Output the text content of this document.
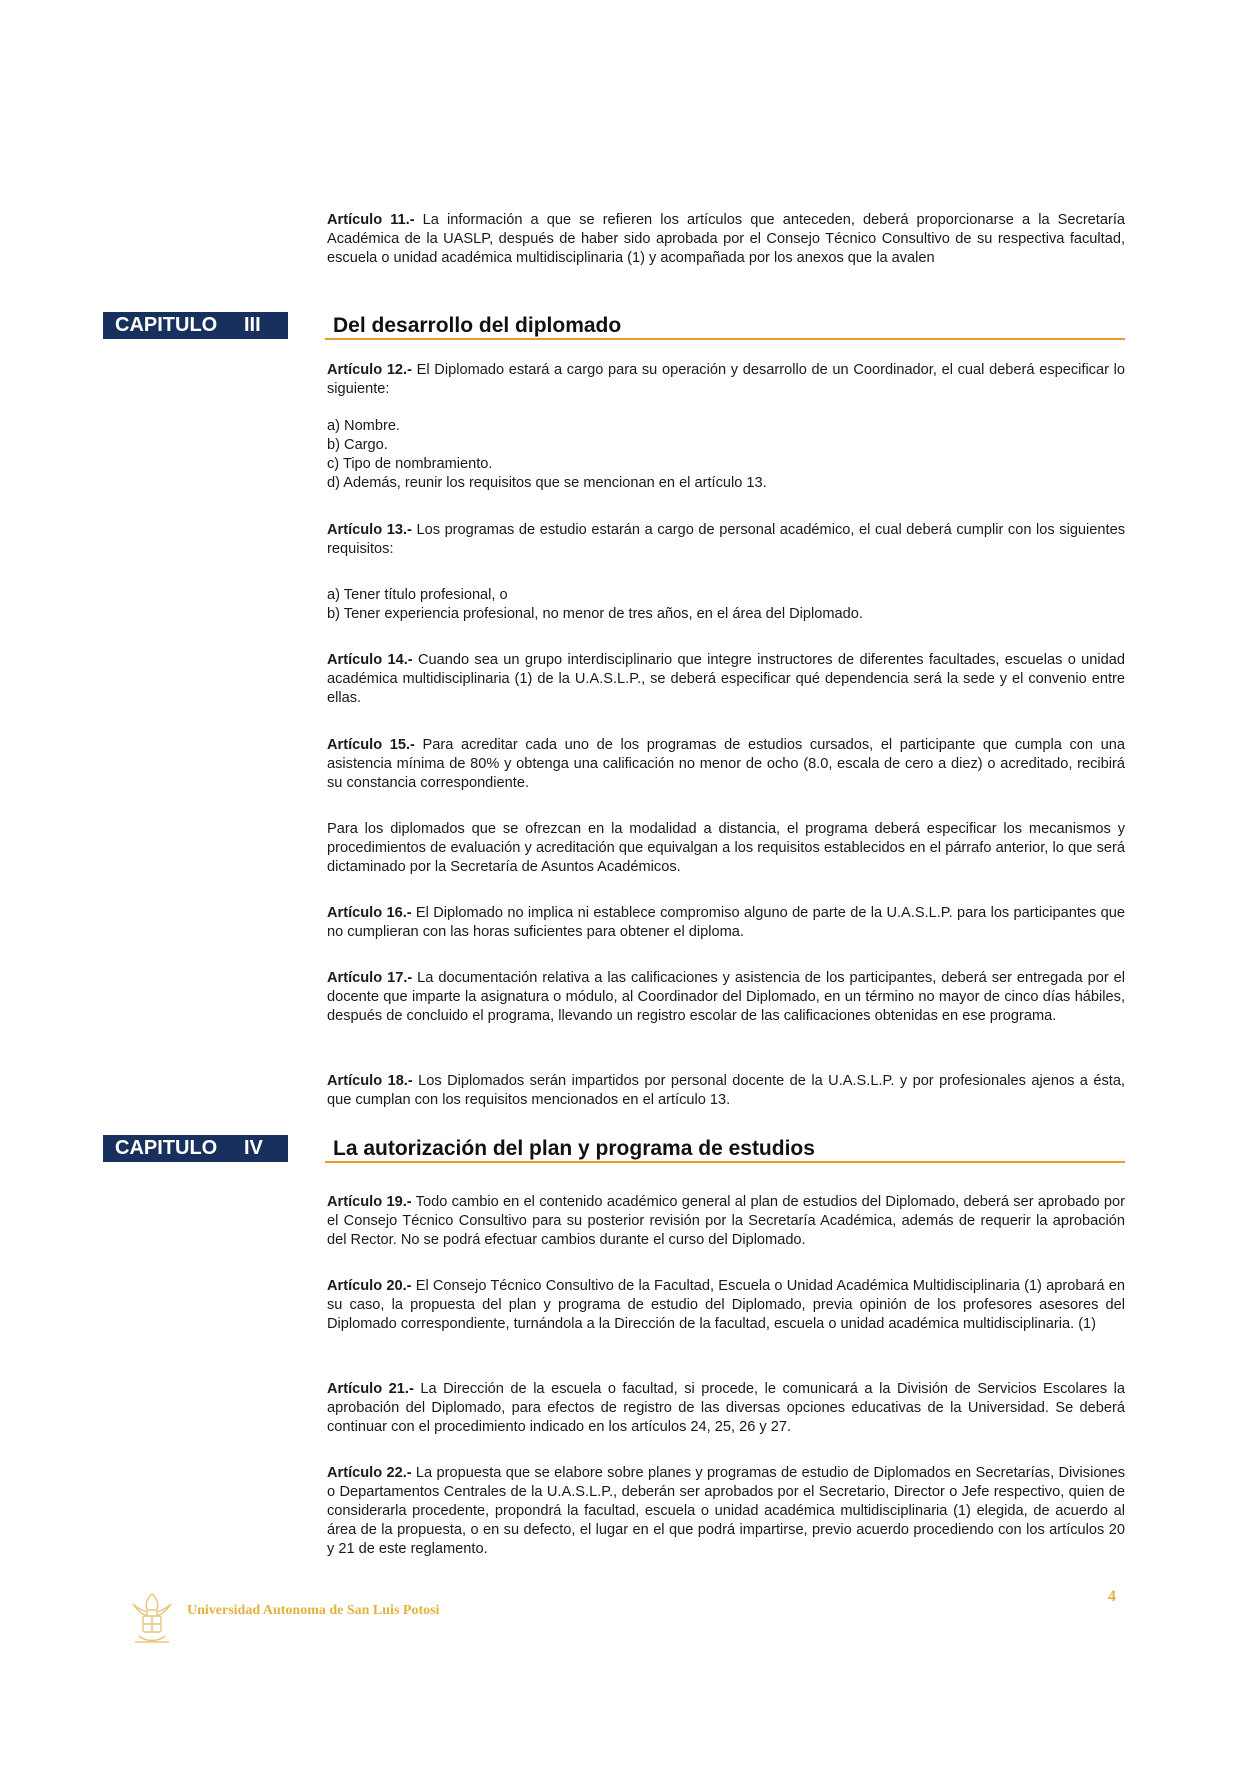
Artículo 11.- La información a que se refieren los artículos que anteceden, deberá proporcionarse a la Secretaría Académica de la UASLP, después de haber sido aprobada por el Consejo Técnico Consultivo de su respectiva facultad, escuela o unidad académica multidisciplinaria (1) y acompañada por los anexos que la avalen

CAPITULO III	Del desarrollo del diplomado

Artículo 12.- El Diplomado estará a cargo para su operación y desarrollo de un Coordinador, el cual deberá especificar lo siguiente:

a) Nombre.
b) Cargo.
c) Tipo de nombramiento.
d) Además, reunir los requisitos que se mencionan en el artículo 13.

Artículo 13.- Los programas de estudio estarán a cargo de personal académico, el cual deberá cumplir con los siguientes requisitos:

a) Tener título profesional, o
b) Tener experiencia profesional, no menor de tres años, en el área del Diplomado.

Artículo 14.- Cuando sea un grupo interdisciplinario que integre instructores de diferentes facultades, escuelas o unidad académica multidisciplinaria (1) de la U.A.S.L.P., se deberá especificar qué dependencia será la sede y el convenio entre ellas.

Artículo 15.- Para acreditar cada uno de los programas de estudios cursados, el participante que cumpla con una asistencia mínima de 80% y obtenga una calificación no menor de ocho (8.0, escala de cero a diez) o acreditado, recibirá su constancia correspondiente.

Para los diplomados que se ofrezcan en la modalidad a distancia, el programa deberá especificar los mecanismos y procedimientos de evaluación y acreditación que equivalgan a los requisitos establecidos en el párrafo anterior, lo que será dictaminado por la Secretaría de Asuntos Académicos.

Artículo 16.- El Diplomado no implica ni establece compromiso alguno de parte de la U.A.S.L.P. para los participantes que no cumplieran con las horas suficientes para obtener el diploma.

Artículo 17.- La documentación relativa a las calificaciones y asistencia de los participantes, deberá ser entregada por el docente que imparte la asignatura o módulo, al Coordinador del Diplomado, en un término no mayor de cinco días hábiles, después de concluido el programa, llevando un registro escolar de las calificaciones obtenidas en ese programa.

Artículo 18.- Los Diplomados serán impartidos por personal docente de la U.A.S.L.P. y por profesionales ajenos a ésta, que cumplan con los requisitos mencionados en el artículo 13.

CAPITULO IV	La autorización del plan y programa de estudios

Artículo 19.- Todo cambio en el contenido académico general al plan de estudios del Diplomado, deberá ser aprobado por el Consejo Técnico Consultivo para su posterior revisión por la Secretaría Académica, además de requerir la aprobación del Rector. No se podrá efectuar cambios durante el curso del Diplomado.

Artículo 20.- El Consejo Técnico Consultivo de la Facultad, Escuela o Unidad Académica Multidisciplinaria (1) aprobará en su caso, la propuesta del plan y programa de estudio del Diplomado, previa opinión de los profesores asesores del Diplomado correspondiente, turnándola a la Dirección de la facultad, escuela o unidad académica multidisciplinaria. (1)

Artículo 21.- La Dirección de la escuela o facultad, si procede, le comunicará a la División de Servicios Escolares la aprobación del Diplomado, para efectos de registro de las diversas opciones educativas de la Universidad. Se deberá continuar con el procedimiento indicado en los artículos 24, 25, 26 y 27.

Artículo 22.- La propuesta que se elabore sobre planes y programas de estudio de Diplomados en Secretarías, Divisiones o Departamentos Centrales de la U.A.S.L.P., deberán ser aprobados por el Secretario, Director o Jefe respectivo, quien de considerarla procedente, propondrá la facultad, escuela o unidad académica multidisciplinaria (1) elegida, de acuerdo al área de la propuesta, o en su defecto, el lugar en el que podrá impartirse, previo acuerdo procediendo con los artículos 20 y 21 de este reglamento.

Universidad Autonoma de San Luis Potosi
4
